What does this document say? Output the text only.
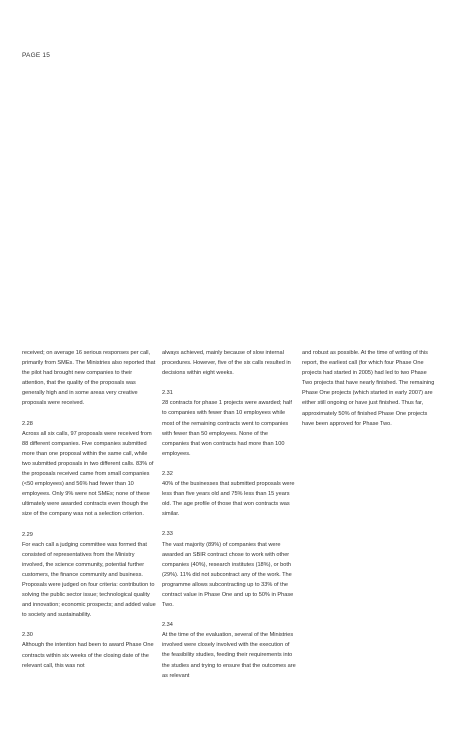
PAGE 15
received; on average 16 serious responses per call, primarily from SMEs. The Ministries also reported that the pilot had brought new companies to their attention, that the quality of the proposals was generally high and in some areas very creative proposals were received.
2.28
Across all six calls, 97 proposals were received from 88 different companies. Five companies submitted more than one proposal within the same call, while two submitted proposals in two different calls. 83% of the proposals received came from small companies (<50 employees) and 56% had fewer than 10 employees. Only 9% were not SMEs; none of these ultimately were awarded contracts even though the size of the company was not a selection criterion.
2.29
For each call a judging committee was formed that consisted of representatives from the Ministry involved, the science community, potential further customers, the finance community and business. Proposals were judged on four criteria: contribution to solving the public sector issue; technological quality and innovation; economic prospects; and added value to society and sustainability.
2.30
Although the intention had been to award Phase One contracts within six weeks of the closing date of the relevant call, this was not
always achieved, mainly because of slow internal procedures. However, five of the six calls resulted in decisions within eight weeks.
2.31
28 contracts for phase 1 projects were awarded; half to companies with fewer than 10 employees while most of the remaining contracts went to companies with fewer than 50 employees. None of the companies that won contracts had more than 100 employees.
2.32
40% of the businesses that submitted proposals were less than five years old and 75% less than 15 years old. The age profile of those that won contracts was similar.
2.33
The vast majority (89%) of companies that were awarded an SBIR contract chose to work with other companies (40%), research institutes (18%), or both (29%). 11% did not subcontract any of the work. The programme allows subcontracting up to 33% of the contract value in Phase One and up to 50% in Phase Two.
2.34
At the time of the evaluation, several of the Ministries involved were closely involved with the execution of the feasibility studies, feeding their requirements into the studies and trying to ensure that the outcomes are as relevant
and robust as possible. At the time of writing of this report, the earliest call (for which four Phase One projects had started in 2005) had led to two Phase Two projects that have nearly finished. The remaining Phase One projects (which started in early 2007) are either still ongoing or have just finished. Thus far, approximately 50% of finished Phase One projects have been approved for Phase Two.
